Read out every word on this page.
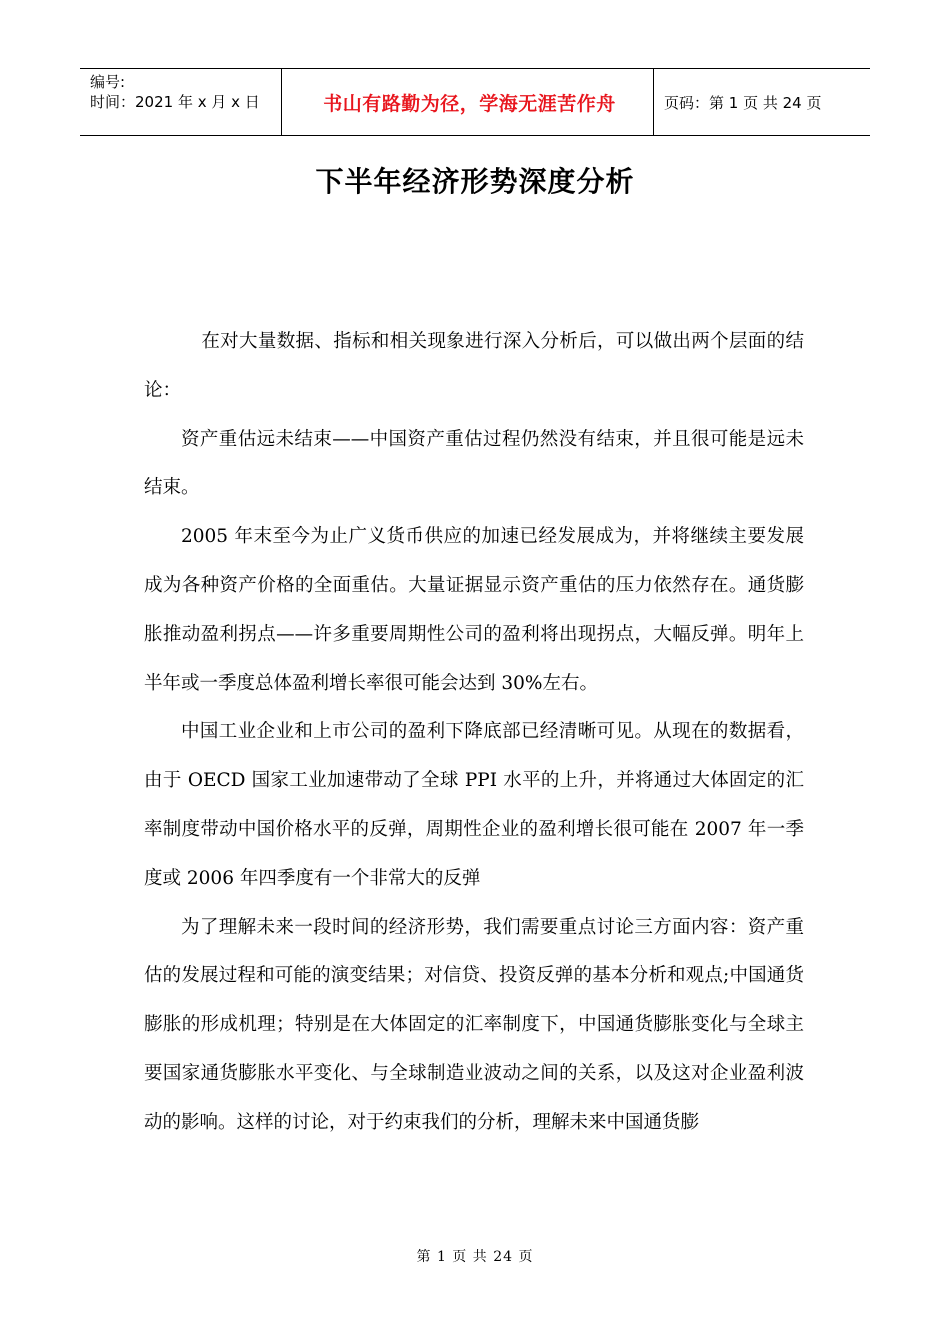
编号:
时间：2021 年 x 月 x 日	书山有路勤为径，学海无涯苦作舟	页码：第 1 页 共 24 页
下半年经济形势深度分析

在对大量数据、指标和相关现象进行深入分析后，可以做出两个层面的结论：

资产重估远未结束——中国资产重估过程仍然没有结束，并且很可能是远未结束。

2005 年末至今为止广义货币供应的加速已经发展成为，并将继续主要发展成为各种资产价格的全面重估。大量证据显示资产重估的压力依然存在。通货膨胀推动盈利拐点——许多重要周期性公司的盈利将出现拐点，大幅反弹。明年上半年或一季度总体盈利增长率很可能会达到 30%左右。

中国工业企业和上市公司的盈利下降底部已经清晰可见。从现在的数据看，由于 OECD 国家工业加速带动了全球 PPI 水平的上升，并将通过大体固定的汇率制度带动中国价格水平的反弹，周期性企业的盈利增长很可能在 2007 年一季度或 2006 年四季度有一个非常大的反弹

为了理解未来一段时间的经济形势，我们需要重点讨论三方面内容：资产重估的发展过程和可能的演变结果；对信贷、投资反弹的基本分析和观点;中国通货膨胀的形成机理；特别是在大体固定的汇率制度下，中国通货膨胀变化与全球主要国家通货膨胀水平变化、与全球制造业波动之间的关系，以及这对企业盈利波动的影响。这样的讨论，对于约束我们的分析，理解未来中国通货膨

第 1 页 共 24 页
